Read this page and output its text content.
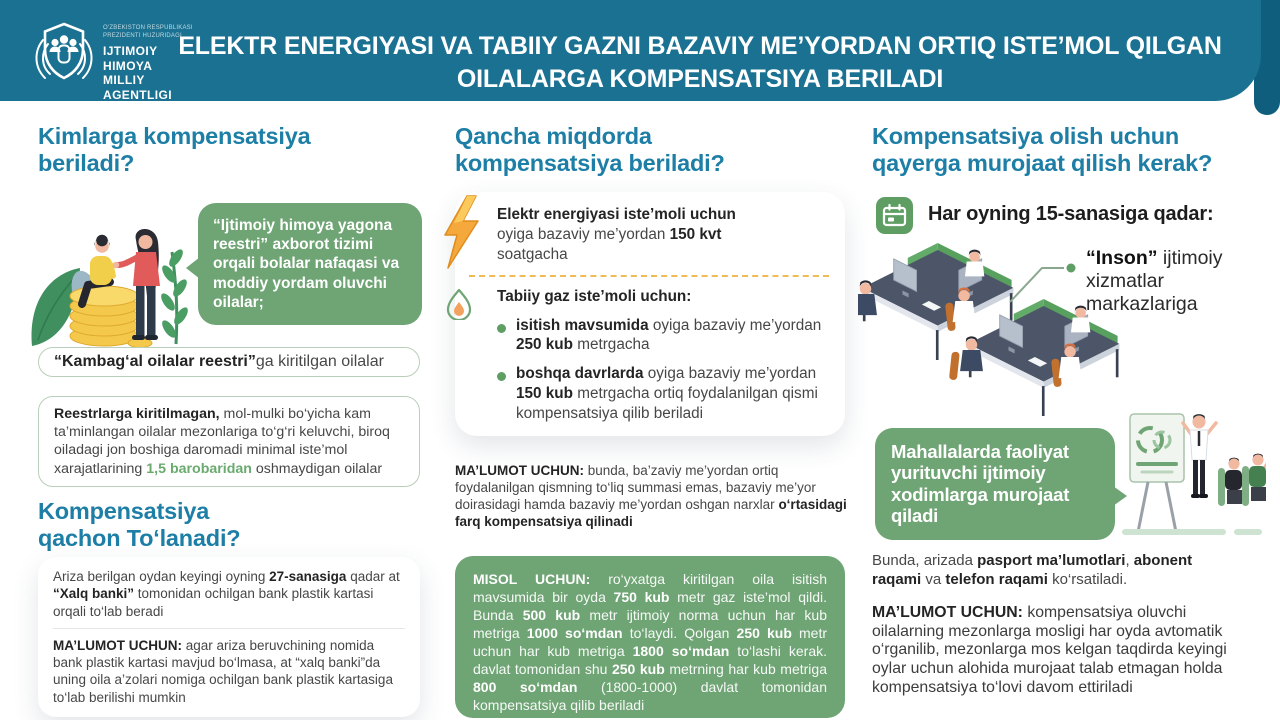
O‘ZBEKISTON RESPUBLIKASI
PREZIDENTI HUZURIDAGI
IJTIMOIY
HIMOYA
MILLIY
AGENTLIGI
ELEKTR ENERGIYASI VA TABIIY GAZNI BAZAVIY ME’YORDAN ORTIQ ISTE’MOL QILGAN
OILALARGA KOMPENSATSIYA BERILADI
Kimlarga kompensatsiya
beriladi?
“Ijtimoiy himoya yagona reestri” axborot tizimi orqali bolalar nafaqasi va moddiy yordam oluvchi oilalar;
“Kambag‘al oilalar reestri”ga kiritilgan oilalar
Reestrlarga kiritilmagan, mol-mulki bo‘yicha kam ta’minlangan oilalar mezonlariga to‘g‘ri keluvchi, biroq oiladagi jon boshiga daromadi minimal iste’mol xarajatlarining 1,5 barobaridan oshmaydigan oilalar
Kompensatsiya
qachon To‘lanadi?
Ariza berilgan oydan keyingi oyning 27-sanasiga qadar at “Xalq banki” tomonidan ochilgan bank plastik kartasi orqali to‘lab beradi
MA’LUMOT UCHUN: agar ariza beruvchining nomida bank plastik kartasi mavjud bo‘lmasa, at “xalq banki”da uning oila a’zolari nomiga ochilgan bank plastik kartasiga to‘lab berilishi mumkin
Qancha miqdorda
kompensatsiya beriladi?
Elektr energiyasi iste’moli uchun
oyiga bazaviy me’yordan 150 kvt soatgacha
Tabiiy gaz iste’moli uchun:
isitish mavsumida oyiga bazaviy me’yordan 250 kub metrgacha
boshqa davrlarda oyiga bazaviy me’yordan 150 kub metrgacha ortiq foydalanilgan qismi kompensatsiya qilib beriladi
MA’LUMOT UCHUN: bunda, ba’zaviy me’yordan ortiq foydalanilgan qismning to‘liq summasi emas, bazaviy me’yor doirasidagi hamda bazaviy me’yordan oshgan narxlar o‘rtasidagi farq kompensatsiya qilinadi
MISOL UCHUN: ro‘yxatga kiritilgan oila isitish mavsumida bir oyda 750 kub metr gaz iste’mol qildi. Bunda 500 kub metr ijtimoiy norma uchun har kub metriga 1000 so‘mdan to‘laydi. Qolgan 250 kub metr uchun har kub metriga 1800 so‘mdan to‘lashi kerak. davlat tomonidan shu 250 kub metrning har kub metriga 800 so‘mdan (1800-1000) davlat tomonidan kompensatsiya qilib beriladi
Kompensatsiya olish uchun
qayerga murojaat qilish kerak?
Har oyning 15-sanasiga qadar:
“Inson” ijtimoiy xizmatlar markazlariga
Mahallalarda faoliyat yurituvchi ijtimoiy xodimlarga murojaat qiladi
Bunda, arizada pasport ma’lumotlari, abonent raqami va telefon raqami ko‘rsatiladi.
MA’LUMOT UCHUN: kompensatsiya oluvchi oilalarning mezonlarga mosligi har oyda avtomatik o‘rganilib, mezonlarga mos kelgan taqdirda keyingi oylar uchun alohida murojaat talab etmagan holda kompensatsiya to‘lovi davom ettiriladi
